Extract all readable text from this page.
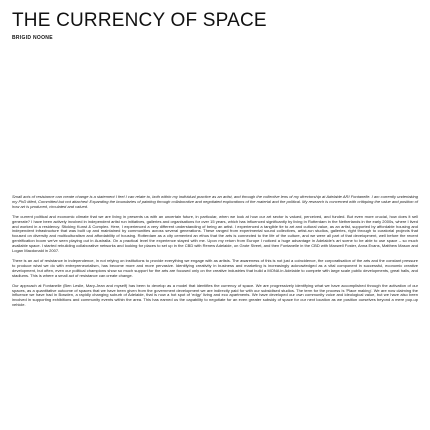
THE CURRENCY OF SPACE
BRIGID NOONE

Small acts of resistance can create change is a statement I feel I can relate to, both within my individual practice as an artist, and through the collective lens of my directorship at Adelaide ARI Fontanelle. I am currently undertaking my PhD titled, Committed but not attached: Expanding the boundaries of painting through collaborative and negotiated explorations of the material and the political. My research is concerned with critiquing the value and position of how art is produced, circulated and valued.

The current political and economic climate that we are living in presents us with an uncertain future, in particular, when we look at how our art sector is valued, perceived, and funded. But even more crucial, how does it sell generate? I have been actively involved in independent artist run initiatives, galleries and organisations for over 15 years, which has influenced significantly by living in Rotterdam in the Netherlands in the early 2000s, where I lived and worked in a residency. Sticking Kunst & Complex. Here, I experienced a very different understanding of being an artist. I experienced a tangible tie to art and cultural value, as an artist, supported by affordable housing and independent infrastructure that was built up and maintained by communities across several generations. These ranged from experimental sound collectives, artist-run studios, galleries, right through to curatorial projects that focused on diversity and multiculturalism and affordability of housing. Rotterdam as a city cemented an ethos that the arts is connected to the life of the culture, and we were all part of that development, well before the recent gentrification boom we've seen playing out in Australia. On a practical level the experience stayed with me. Upon my return from Europe I noticed a huge advantage in Adelaide's art scene to be able to use space – so much available space. I started rebuilding collaborative networks and looking for places to set up in the CBD with Renew Adelaide, on Grote Street, and then Fontanelle in the CBD with Maxwell Foster, Anna Evans, Matthew Mason and Logan Macdonald in 2007.

There is an act of resistance in independence, in not relying on institutions to provide everything we engage with as artists. The awareness of this is not just a coincidence, the corporatisation of the arts and the constant pressure to produce what we do with entrepreneurialism, has become more and more pervasive. Identifying creativity in business and marketing is increasingly acknowledged as a vital component in successful, economic creative development, but often, even our political champions show so much support for the arts are focused only on the creative industries that build a MONA in Adelaide to compete with large scale public developments, great halls, and stadiums. This is where a small act of resistance can create change.

Our approach at Fontanelle (Ben Leslie, Mary-Jean and myself) has been to develop as a model that identifies the currency of space. We are progressively identifying what we have accomplished through the activation of our spaces, as a quantitative outcome of spaces that we have been given from the government development we are indirectly paid for with our subsidised studios. The term for the process is 'Place making'. We are now claiming the influence we have had in Bowden, a rapidly changing suburb of Adelaide, that is now a hot spot of 'edgy' living and eco apartments. We have developed our own community voice and ideological value, but we have also been involved in supporting exhibitions and community events within the area. This has earned us the capability to negotiate for an even greater subsidy of space for our next location as we position ourselves beyond a mere pop-up vehicle.
